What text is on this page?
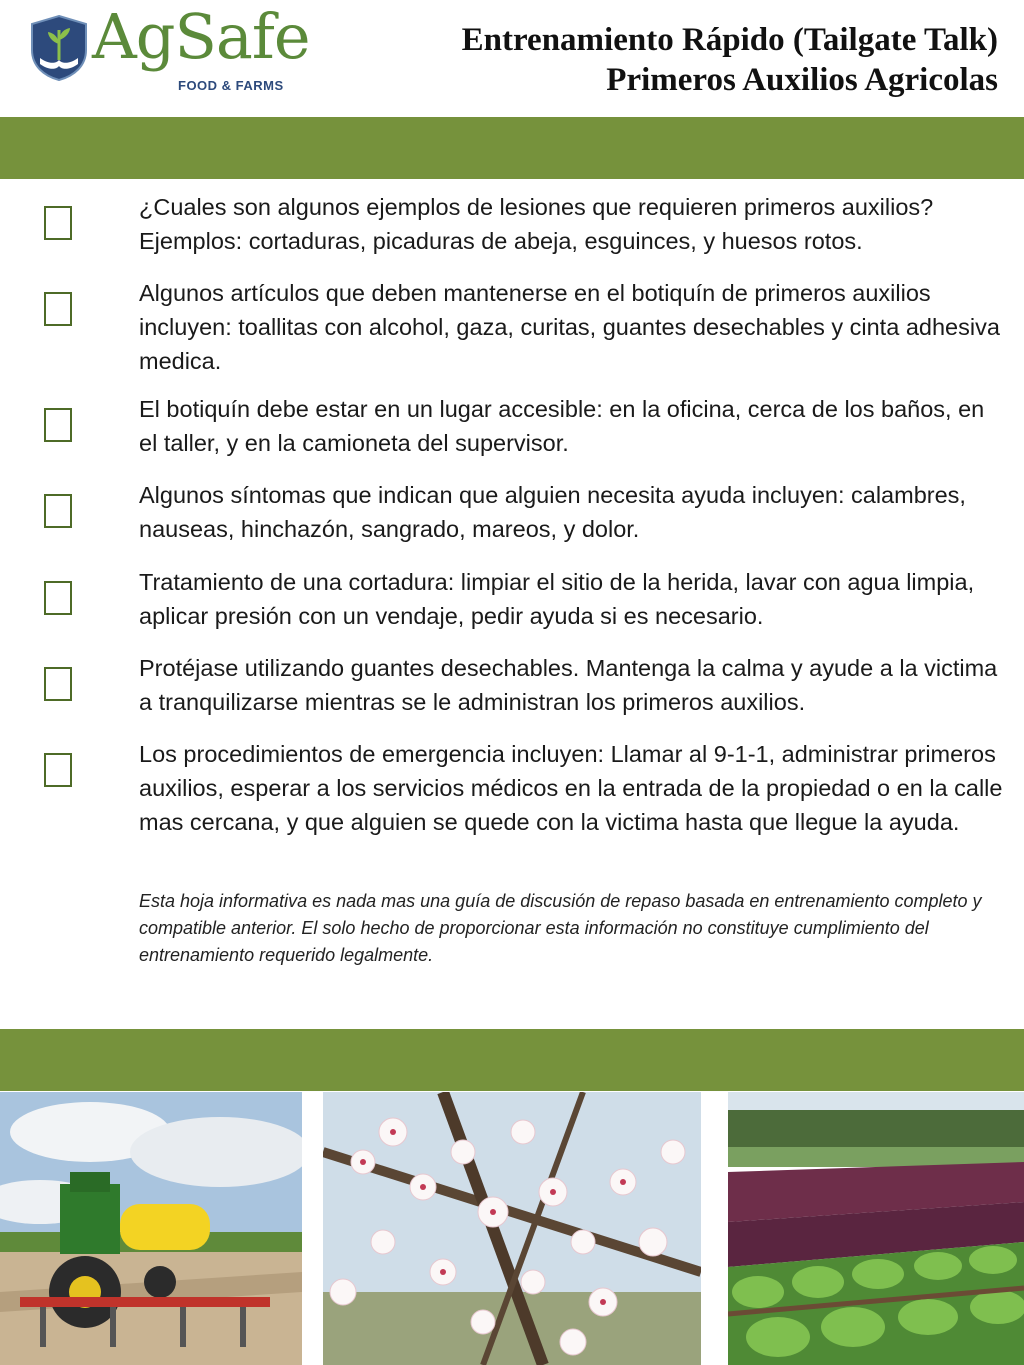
AgSafe
FOOD & FARMS
Entrenamiento Rápido (Tailgate Talk)
Primeros Auxilios Agricolas
¿Cuales son algunos ejemplos de lesiones que requieren primeros auxilios? Ejemplos: cortaduras, picaduras de abeja, esguinces, y huesos rotos.
Algunos artículos que deben mantenerse en el botiquín de primeros auxilios incluyen: toallitas con alcohol, gaza, curitas, guantes desechables y cinta adhesiva medica.
El botiquín debe estar en un lugar accesible: en la oficina, cerca de los baños, en el taller, y en la camioneta del supervisor.
Algunos síntomas que indican que alguien necesita ayuda incluyen: calambres, nauseas, hinchazón, sangrado, mareos, y dolor.
Tratamiento de una cortadura: limpiar el sitio de la herida, lavar con agua limpia, aplicar presión con un vendaje, pedir ayuda si es necesario.
Protéjase utilizando guantes desechables. Mantenga la calma y ayude a la victima a tranquilizarse mientras se le administran los primeros auxilios.
Los procedimientos de emergencia incluyen: Llamar al 9-1-1, administrar primeros auxilios, esperar a los servicios médicos en la entrada de la propiedad o en la calle mas cercana, y que alguien se quede con la victima hasta que llegue la ayuda.
Esta hoja informativa es nada mas una guía de discusión de repaso basada en entrenamiento completo y compatible anterior. El solo hecho de proporcionar esta información no constituye cumplimiento del entrenamiento requerido legalmente.
